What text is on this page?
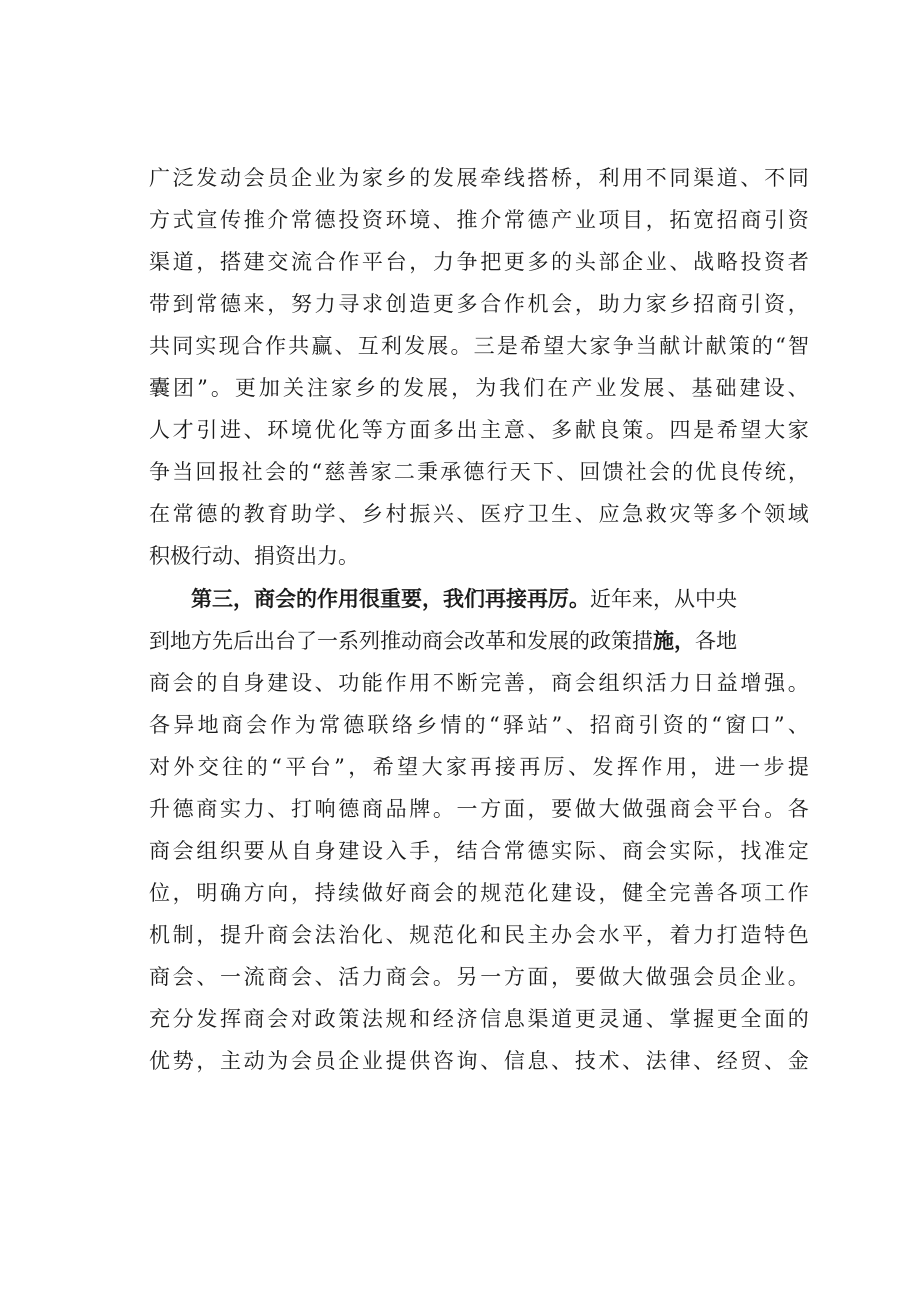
广 泛 发 动 会 员 企 业 为 家 乡 的 发 展 牵 线 搭 桥 ， 利 用 不 同 渠 道 、 不 同
方 式 宣 传 推 介 常 德 投 资 环 境 、 推 介 常 德 产 业 项 目 ， 拓 宽 招 商 引 资
渠 道 ， 搭 建 交 流 合 作 平 台 ， 力 争 把 更 多 的 头 部 企 业 、 战 略 投 资 者
带 到 常 德 来 ， 努 力 寻 求 创 造 更 多 合 作 机 会 ， 助 力 家 乡 招 商 引 资 ，
共 同 实 现 合 作 共 赢 、 互 利 发 展 。 三 是 希 望 大 家 争 当 献 计 献 策 的 “ 智
囊 团 ” 。 更 加 关 注 家 乡 的 发 展 ， 为 我 们 在 产 业 发 展 、 基 础 建 设 、
人 才 引 进 、 环 境 优 化 等 方 面 多 出 主 意 、 多 献 良 策 。 四 是 希 望 大 家
争 当 回 报 社 会 的 “ 慈 善 家 二 秉 承 德 行 天 下 、 回 馈 社 会 的 优 良 传 统 ，
在 常 德 的 教 育 助 学 、 乡 村 振 兴 、 医 疗 卫 生 、 应 急 救 灾 等 多 个 领 域
积极行动、捐资出力。
第三，商会的作用很重要，我们再接再厉。近年来，从中央
到地方先后出台了一系列推动商会改革和发展的政策措施，各地
商 会 的 自 身 建 设 、 功 能 作 用 不 断 完 善 ， 商 会 组 织 活 力 日 益 增 强 。
各 异 地 商 会 作 为 常 德 联 络 乡 情 的 “ 驿 站 ” 、 招 商 引 资 的 “ 窗 口 ” 、
对 外 交 往 的 “ 平 台 ” ， 希 望 大 家 再 接 再 厉 、 发 挥 作 用 ， 进 一 步 提
升 德 商 实 力 、 打 响 德 商 品 牌 。 一 方 面 ， 要 做 大 做 强 商 会 平 台 。 各
商 会 组 织 要 从 自 身 建 设 入 手 ， 结 合 常 德 实 际 、 商 会 实 际 ， 找 准 定
位 ， 明 确 方 向 ， 持 续 做 好 商 会 的 规 范 化 建 设 ， 健 全 完 善 各 项 工 作
机 制 ， 提 升 商 会 法 治 化 、 规 范 化 和 民 主 办 会 水 平 ， 着 力 打 造 特 色
商 会 、 一 流 商 会 、 活 力 商 会 。 另 一 方 面 ， 要 做 大 做 强 会 员 企 业 。
充 分 发 挥 商 会 对 政 策 法 规 和 经 济 信 息 渠 道 更 灵 通 、 掌 握 更 全 面 的
优 势 ， 主 动 为 会 员 企 业 提 供 咨 询 、 信 息 、 技 术 、 法 律 、 经 贸 、 金
